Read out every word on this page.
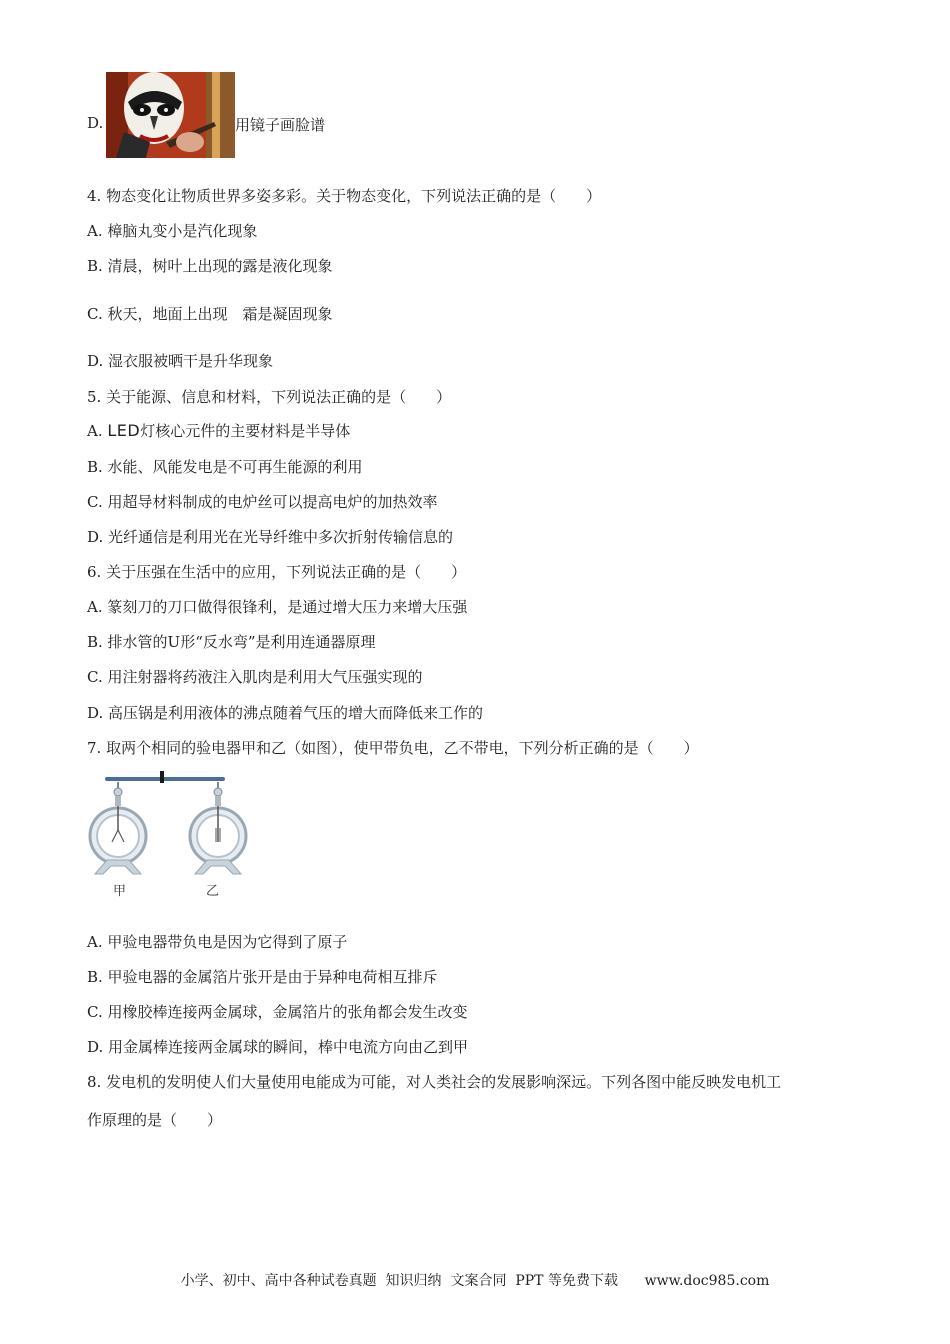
D.	用镜子画脸谱
4. 物态变化让物质世界多姿多彩。关于物态变化，下列说法正确的是（　　）
A. 樟脑丸变小是汽化现象
B. 清晨，树叶上出现的露是液化现象
C. 秋天，地面上出现　霜是凝固现象
D. 湿衣服被晒干是升华现象
5. 关于能源、信息和材料，下列说法正确的是（　　）
A. LED灯核心元件的主要材料是半导体
B. 水能、风能发电是不可再生能源的利用
C. 用超导材料制成的电炉丝可以提高电炉的加热效率
D. 光纤通信是利用光在光导纤维中多次折射传输信息的
6. 关于压强在生活中的应用，下列说法正确的是（　　）
A. 篆刻刀的刀口做得很锋利，是通过增大压力来增大压强
B. 排水管的U形“反水弯”是利用连通器原理
C. 用注射器将药液注入肌肉是利用大气压强实现的
D. 高压锅是利用液体的沸点随着气压的增大而降低来工作的
7. 取两个相同的验电器甲和乙（如图），使甲带负电，乙不带电，下列分析正确的是（　　）
甲	乙
A. 甲验电器带负电是因为它得到了原子
B. 甲验电器的金属箔片张开是由于异种电荷相互排斥
C. 用橡胶棒连接两金属球，金属箔片的张角都会发生改变
D. 用金属棒连接两金属球的瞬间，棒中电流方向由乙到甲
8. 发电机的发明使人们大量使用电能成为可能，对人类社会的发展影响深远。下列各图中能反映发电机工
作原理的是（　　）
小学、初中、高中各种试卷真题  知识归纳  文案合同  PPT 等免费下载 www.doc985.com
